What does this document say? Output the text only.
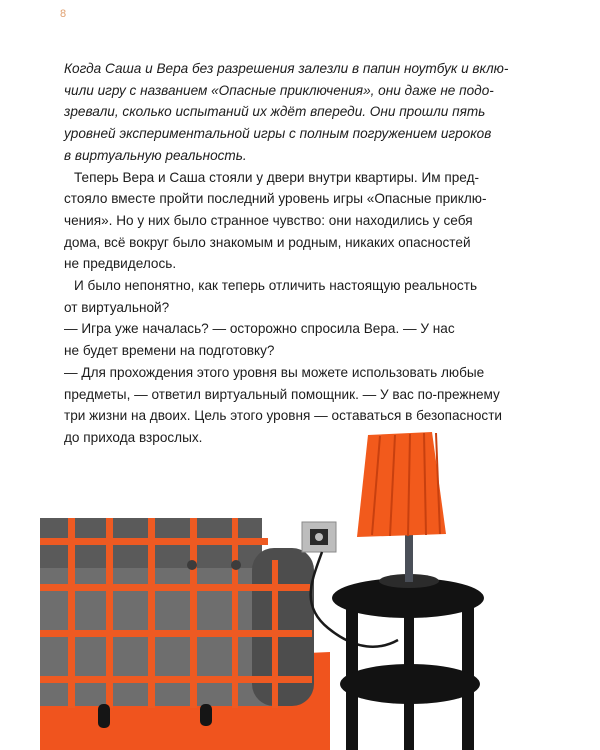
8

Когда Саша и Вера без разрешения залезли в папин ноутбук и вклю-
чили игру с названием «Опасные приключения», они даже не подо-
зревали, сколько испытаний их ждёт впереди. Они прошли пять
уровней экспериментальной игры с полным погружением игроков
в виртуальную реальность.

Теперь Вера и Саша стояли у двери внутри квартиры. Им пред-
стояло вместе пройти последний уровень игры «Опасные приклю-
чения». Но у них было странное чувство: они находились у себя
дома, всё вокруг было знакомым и родным, никаких опасностей
не предвиделось.

И было непонятно, как теперь отличить настоящую реальность
от виртуальной?

— Игра уже началась? — осторожно спросила Вера. — У нас
не будет времени на подготовку?

— Для прохождения этого уровня вы можете использовать любые
предметы, — ответил виртуальный помощник. — У вас по-прежнему
три жизни на двоих. Цель этого уровня — оставаться в безопасности
до прихода взрослых.
